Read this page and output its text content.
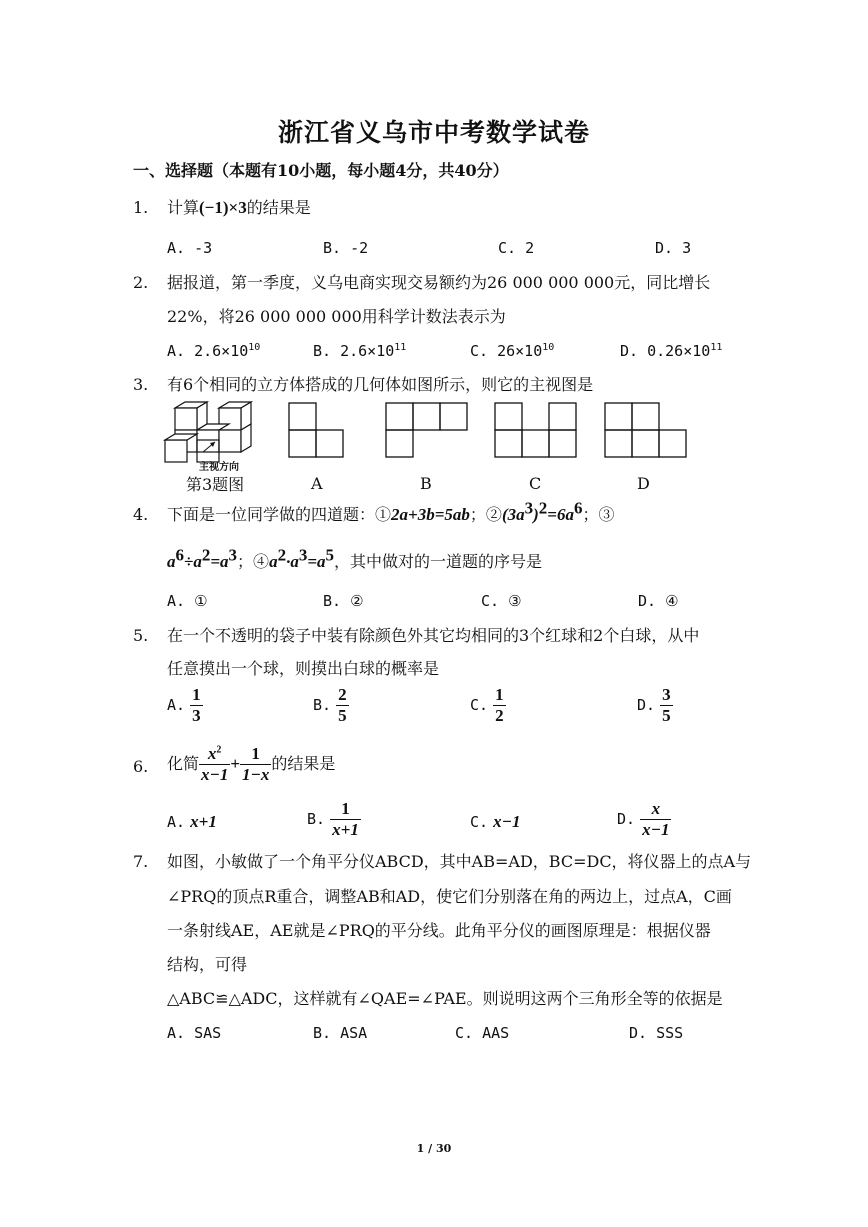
浙江省义乌市中考数学试卷
一、选择题（本题有10小题，每小题4分，共40分）
1. 计算(−1)×3的结果是
A. -3	B. -2	C. 2	D. 3
2. 据报道，第一季度，义乌电商实现交易额约为26 000 000 000元，同比增长
22%，将26 000 000 000用科学计数法表示为
A. $2.6\times 10^{10}$	B. $2.6\times 10^{11}$	C. $26\times 10^{10}$	D. $0.26\times 10^{11}$
3. 有6个相同的立方体搭成的几何体如图所示，则它的主视图是
主视方向
第3题图	A	B	C	D
4. 下面是一位同学做的四道题：①2a+3b=5ab；$②(3a^3)^2=6a^6$；③
$a^6\div a^2=a^3$；$④a^2\cdot a^3=a^5$，其中做对的一道题的序号是
A. ①	B. ②	C. ③	D. ④
5. 在一个不透明的袋子中装有除颜色外其它均相同的3个红球和2个白球，从中
任意摸出一个球，则摸出白球的概率是
A. $\frac{1}{3}$	B. $\frac{2}{5}$	C. $\frac{1}{2}$	D. $\frac{3}{5}$
6. 化简 $\frac{x^2}{x-1} + \frac{1}{1-x}$ 的结果是
A. x+1	B. $\frac{1}{x+1}$	C. x−1	D. $\frac{x}{x-1}$
7. 如图，小敏做了一个角平分仪ABCD，其中AB=AD，BC=DC，将仪器上的点A与
∠PRQ的顶点R重合，调整AB和AD，使它们分别落在角的两边上，过点A，C画
一条射线AE，AE就是∠PRQ的平分线。此角平分仪的画图原理是：根据仪器
结构，可得
△ABC≌△ADC，这样就有∠QAE=∠PAE。则说明这两个三角形全等的依据是
A. SAS	B. ASA	C. AAS	D. SSS
1 / 30
